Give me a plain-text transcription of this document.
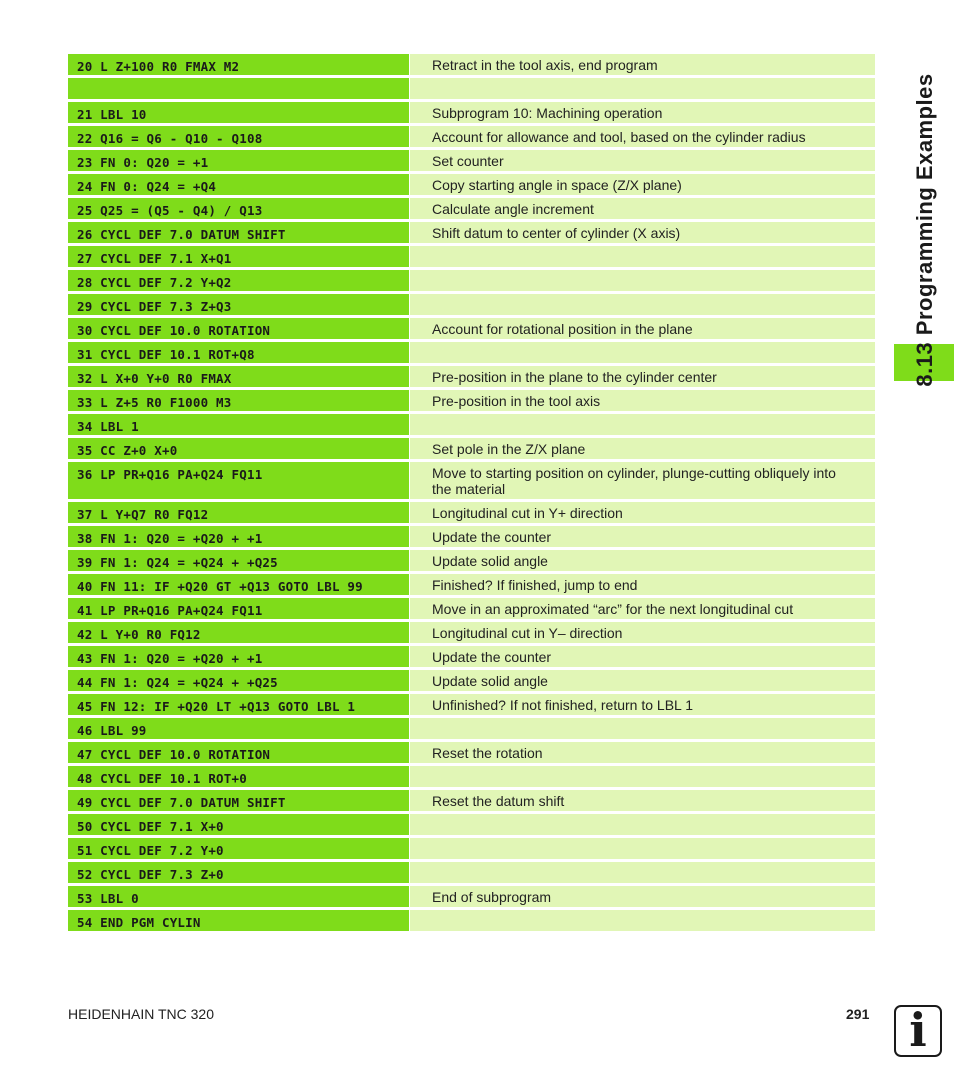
20 L Z+100 R0 FMAX M2	Retract in the tool axis, end program
21 LBL 10	Subprogram 10: Machining operation
22 Q16 = Q6 - Q10 - Q108	Account for allowance and tool, based on the cylinder radius
23 FN 0: Q20 = +1	Set counter
24 FN 0: Q24 = +Q4	Copy starting angle in space (Z/X plane)
25 Q25 = (Q5 - Q4) / Q13	Calculate angle increment
26 CYCL DEF 7.0 DATUM SHIFT	Shift datum to center of cylinder (X axis)
27 CYCL DEF 7.1 X+Q1
28 CYCL DEF 7.2 Y+Q2
29 CYCL DEF 7.3 Z+Q3
30 CYCL DEF 10.0 ROTATION	Account for rotational position in the plane
31 CYCL DEF 10.1 ROT+Q8
32 L X+0 Y+0 R0 FMAX	Pre-position in the plane to the cylinder center
33 L Z+5 R0 F1000 M3	Pre-position in the tool axis
34 LBL 1
35 CC Z+0 X+0	Set pole in the Z/X plane
36 LP PR+Q16 PA+Q24 FQ11	Move to starting position on cylinder, plunge-cutting obliquely into the material
37 L Y+Q7 R0 FQ12	Longitudinal cut in Y+ direction
38 FN 1: Q20 = +Q20 + +1	Update the counter
39 FN 1: Q24 = +Q24 + +Q25	Update solid angle
40 FN 11: IF +Q20 GT +Q13 GOTO LBL 99	Finished? If finished, jump to end
41 LP PR+Q16 PA+Q24 FQ11	Move in an approximated “arc” for the next longitudinal cut
42 L Y+0 R0 FQ12	Longitudinal cut in Y– direction
43 FN 1: Q20 = +Q20 + +1	Update the counter
44 FN 1: Q24 = +Q24 + +Q25	Update solid angle
45 FN 12: IF +Q20 LT +Q13 GOTO LBL 1	Unfinished? If not finished, return to LBL 1
46 LBL 99
47 CYCL DEF 10.0 ROTATION	Reset the rotation
48 CYCL DEF 10.1 ROT+0
49 CYCL DEF 7.0 DATUM SHIFT	Reset the datum shift
50 CYCL DEF 7.1 X+0
51 CYCL DEF 7.2 Y+0
52 CYCL DEF 7.3 Z+0
53 LBL 0	End of subprogram
54 END PGM CYLIN
8.13 Programming Examples
HEIDENHAIN TNC 320	291 i
